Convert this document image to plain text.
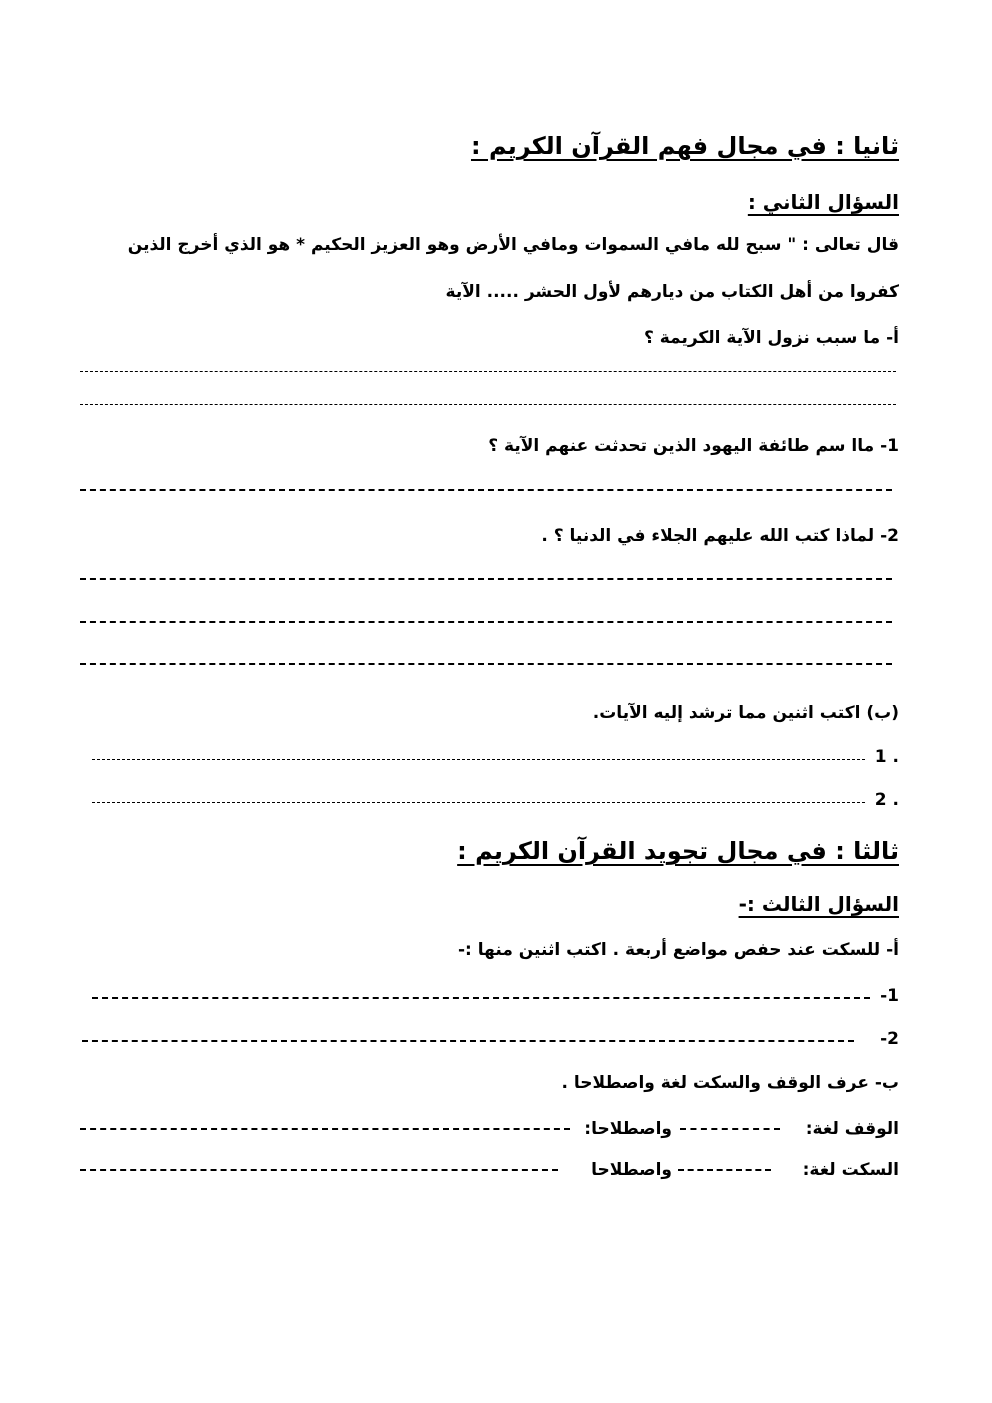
ثانيا : في مجال فهم القرآن الكريم :
السؤال الثاني :
قال تعالى : " سبح لله مافي السموات ومافي الأرض وهو العزيز الحكيم * هو الذي أخرج الذين
كفروا من أهل الكتاب من ديارهم لأول الحشر ..... الآية
أ- ما سبب نزول الآية الكريمة ؟
1- ماا سم طائفة اليهود الذين تحدثت عنهم الآية ؟
2- لماذا كتب الله عليهم الجلاء في الدنيا ؟ .
(ب) اكتب اثنين مما ترشد إليه الآيات.
. 1
. 2
ثالثا : في مجال تجويد القرآن الكريم :
السؤال الثالث :-
أ- للسكت عند حفص مواضع أربعة . اكتب اثنين منها :-
1-
2-
ب- عرف الوقف والسكت لغة واصطلاحا .
الوقف لغة:
واصطلاحا:
السكت لغة:
واصطلاحا
